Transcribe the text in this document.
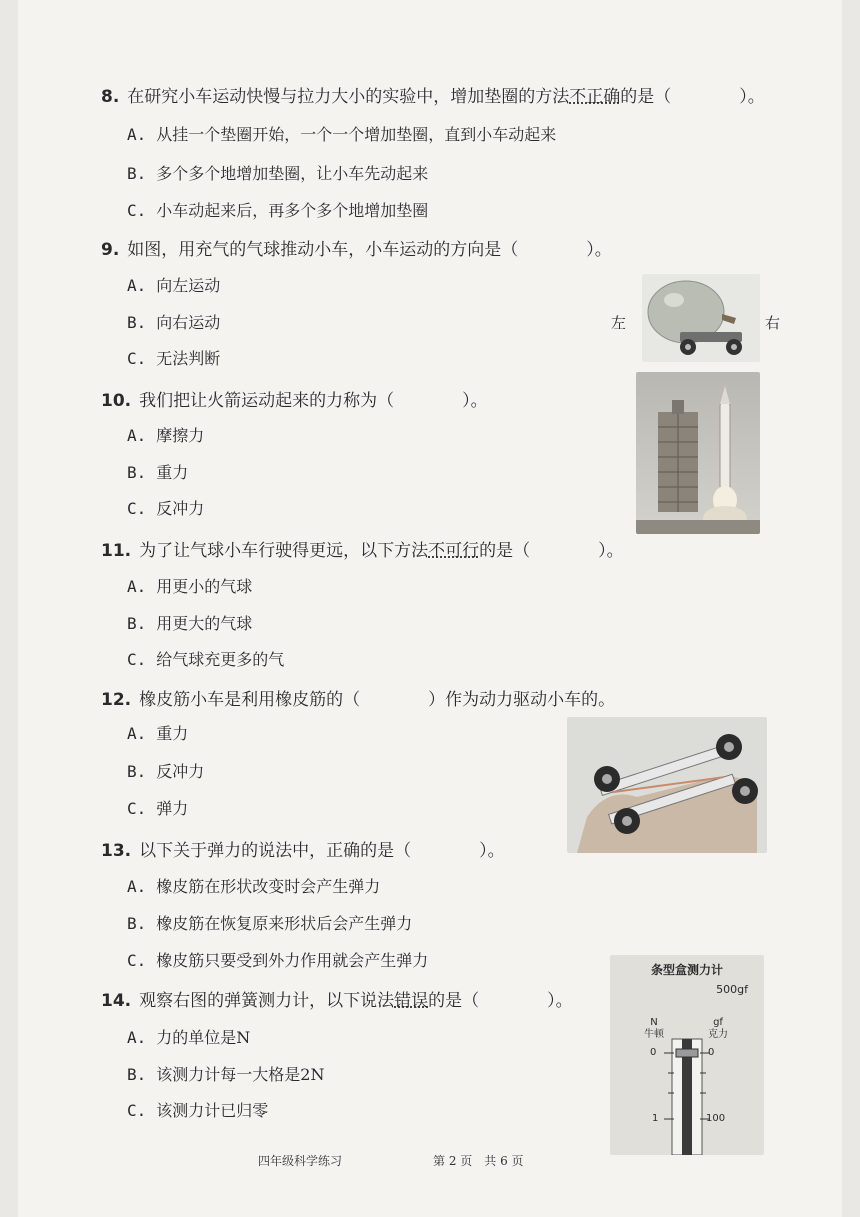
8. 在研究小车运动快慢与拉力大小的实验中，增加垫圈的方法不正确的是（　　　　）。
A. 从挂一个垫圈开始，一个一个增加垫圈，直到小车动起来
B. 多个多个地增加垫圈，让小车先动起来
C. 小车动起来后，再多个多个地增加垫圈
9. 如图，用充气的气球推动小车，小车运动的方向是（　　　　）。
A. 向左运动
B. 向右运动
C. 无法判断
左	右
10. 我们把让火箭运动起来的力称为（　　　　）。
A. 摩擦力
B. 重力
C. 反冲力
11. 为了让气球小车行驶得更远，以下方法不可行的是（　　　　）。
A. 用更小的气球
B. 用更大的气球
C. 给气球充更多的气
12. 橡皮筋小车是利用橡皮筋的（　　　　）作为动力驱动小车的。
A. 重力
B. 反冲力
C. 弹力
13. 以下关于弹力的说法中，正确的是（　　　　）。
A. 橡皮筋在形状改变时会产生弹力
B. 橡皮筋在恢复原来形状后会产生弹力
C. 橡皮筋只要受到外力作用就会产生弹力
14. 观察右图的弹簧测力计，以下说法错误的是（　　　　）。
A. 力的单位是N
B. 该测力计每一大格是2N
C. 该测力计已归零
条型盒测力计
500gf
N
牛顿
gf
克力
0	0
1	100
四年级科学练习	第 2 页　共 6 页
